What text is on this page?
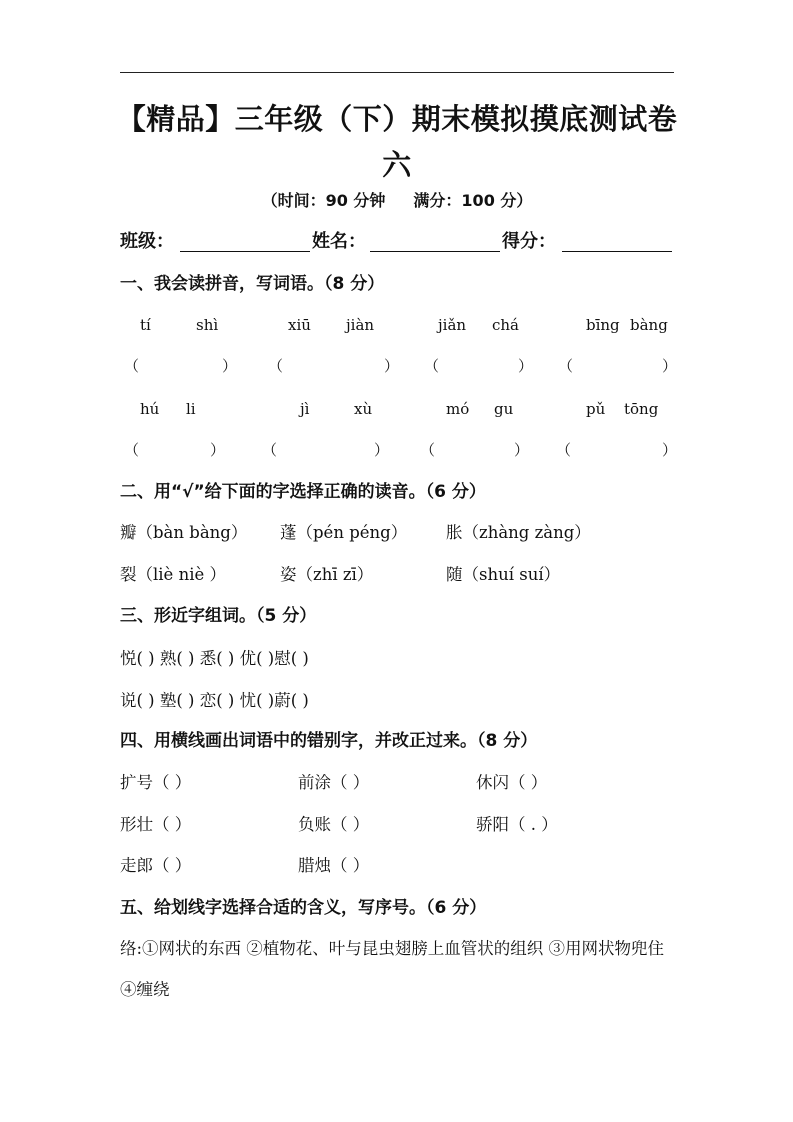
【精品】三年级（下）期末模拟摸底测试卷
六
（时间：90 分钟 满分：100 分）
班级：	姓名：	得分：
一、我会读拼音，写词语。（8 分）
tí	shì	xiū jiàn	jiǎn chá	bīng bàng
（	） （	） （	） （	）
hú li	jì	xù	mó gu	pǔ tōng
（	） （	） （	） （	）
二、用“√”给下面的字选择正确的读音。（6 分）
瓣（bàn bàng） 蓬（pén péng） 胀（zhàng zàng）
裂（liè niè ）	姿（zhī zī）	随（shuí suí）
三、形近字组词。（5 分）
悦( ) 熟( ) 悉( ) 优( )慰( )
说( ) 塾( ) 恋( ) 忧( )蔚( )
四、用横线画出词语中的错别字，并改正过来。（8 分）
扩号（ ）	前涂（ ）	休闪（ ）
形壮（ ）	负账（ ）	骄阳（ . ）
走郎（ ）	腊烛（ ）
五、给划线字选择合适的含义，写序号。（6 分）
络:①网状的东西 ②植物花、叶与昆虫翅膀上血管状的组织 ③用网状物兜住 ④缠绕
